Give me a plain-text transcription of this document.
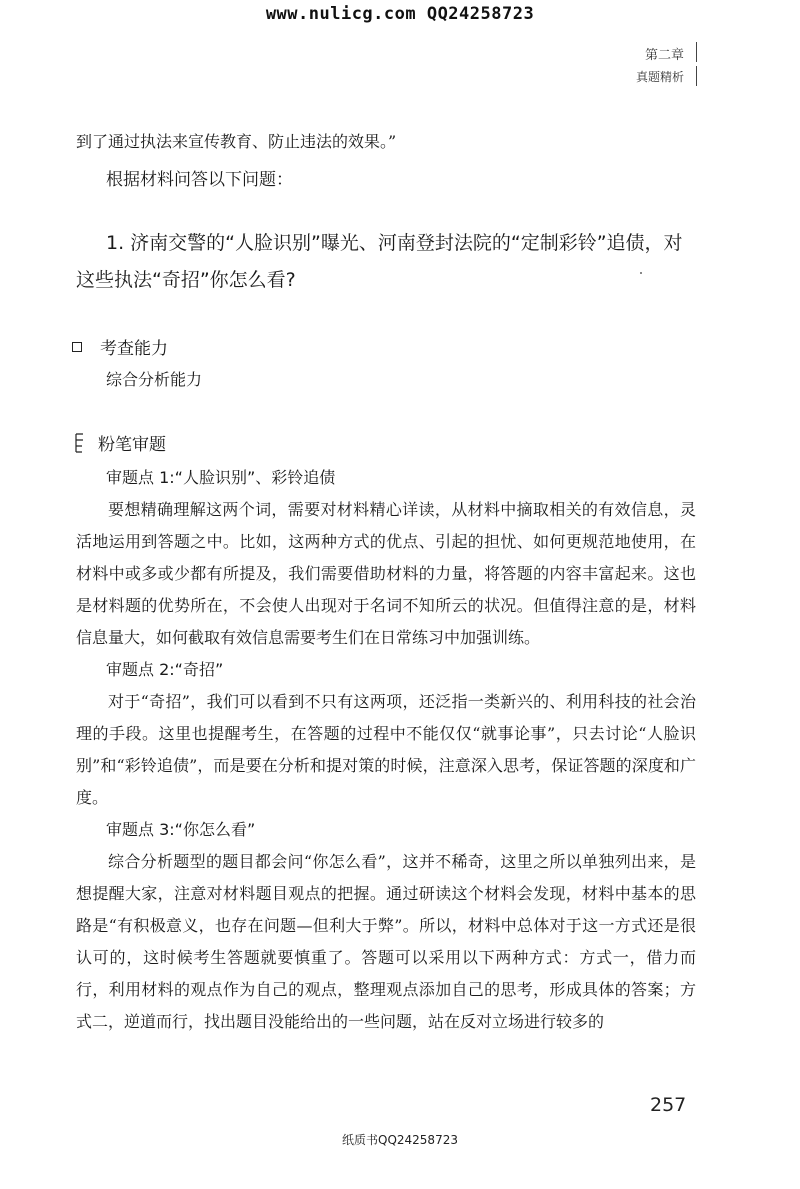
www.nulicg.com QQ24258723
第二章
真题精析
到了通过执法来宣传教育、防止违法的效果。”
根据材料问答以下问题：
1. 济南交警的“人脸识别”曝光、河南登封法院的“定制彩铃”追债，对这些执法“奇招”你怎么看?
考查能力
综合分析能力
粉笔审题
审题点 1:“人脸识别”、彩铃追债
要想精确理解这两个词，需要对材料精心详读，从材料中摘取相关的有效信息，灵活地运用到答题之中。比如，这两种方式的优点、引起的担忧、如何更规范地使用，在材料中或多或少都有所提及，我们需要借助材料的力量，将答题的内容丰富起来。这也是材料题的优势所在，不会使人出现对于名词不知所云的状况。但值得注意的是，材料信息量大，如何截取有效信息需要考生们在日常练习中加强训练。
审题点 2:“奇招”
对于“奇招”，我们可以看到不只有这两项，还泛指一类新兴的、利用科技的社会治理的手段。这里也提醒考生，在答题的过程中不能仅仅“就事论事”，只去讨论“人脸识别”和“彩铃追债”，而是要在分析和提对策的时候，注意深入思考，保证答题的深度和广度。
审题点 3:“你怎么看”
综合分析题型的题目都会问“你怎么看”，这并不稀奇，这里之所以单独列出来，是想提醒大家，注意对材料题目观点的把握。通过研读这个材料会发现，材料中基本的思路是“有积极意义，也存在问题—但利大于弊”。所以，材料中总体对于这一方式还是很认可的，这时候考生答题就要慎重了。答题可以采用以下两种方式：方式一，借力而行，利用材料的观点作为自己的观点，整理观点添加自己的思考，形成具体的答案；方式二，逆道而行，找出题目没能给出的一些问题，站在反对立场进行较多的
257
纸质书QQ24258723
